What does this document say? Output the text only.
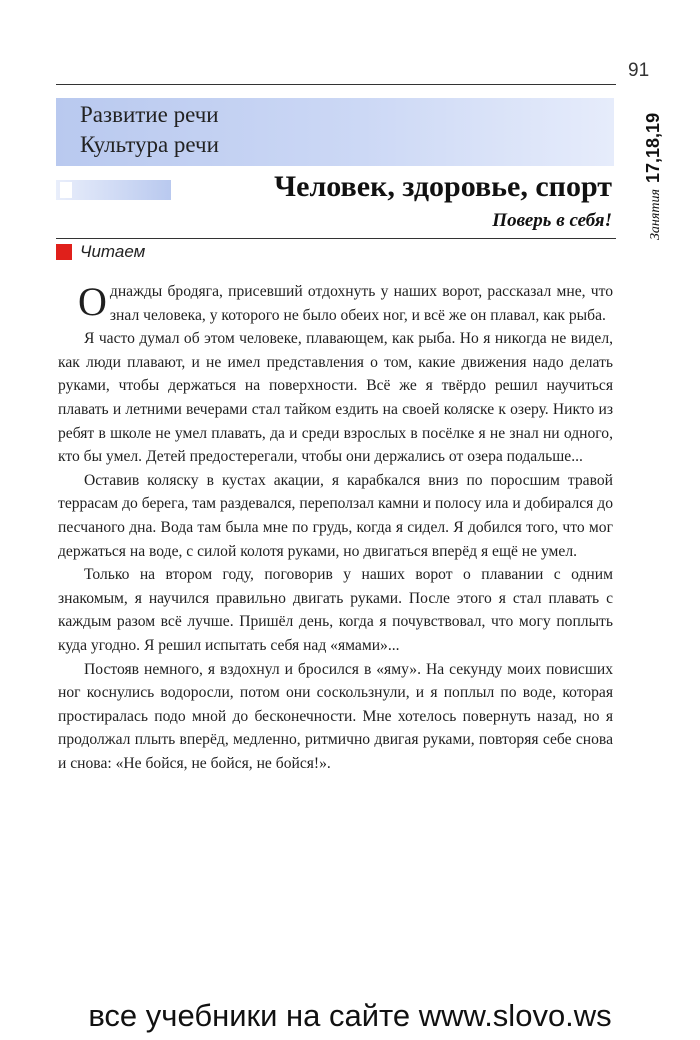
91
Развитие речи
Культура речи
Человек, здоровье, спорт
Поверь в себя!	Занятия17,18,19
Читаем

Однажды бродяга, присевший отдохнуть у наших ворот, рассказал мне, что знал человека, у которого не было обеих ног, и всё же он плавал, как рыба.

Я часто думал об этом человеке, плавающем, как рыба. Но я никогда не видел, как люди плавают, и не имел представления о том, какие движения надо делать руками, чтобы держаться на поверхности. Всё же я твёрдо решил научиться плавать и летними вечерами стал тайком ездить на своей коляске к озеру. Никто из ребят в школе не умел плавать, да и среди взрослых в посёлке я не знал ни одного, кто бы умел. Детей предостерегали, чтобы они держались от озера подальше...

Оставив коляску в кустах акации, я карабкался вниз по поросшим травой террасам до берега, там раздевался, переползал камни и полосу ила и добирался до песчаного дна. Вода там была мне по грудь, когда я сидел. Я добился того, что мог держаться на воде, с силой колотя руками, но двигаться вперёд я ещё не умел.

Только на втором году, поговорив у наших ворот о плавании с одним знакомым, я научился правильно двигать руками. После этого я стал плавать с каждым разом всё лучше. Пришёл день, когда я почувствовал, что могу поплыть куда угодно. Я решил испытать себя над «ямами»...

Постояв немного, я вздохнул и бросился в «яму». На секунду моих повисших ног коснулись водоросли, потом они соскользнули, и я поплыл по воде, которая простиралась подо мной до бесконечности. Мне хотелось повернуть назад, но я продолжал плыть вперёд, медленно, ритмично двигая руками, повторяя себе снова и снова: «Не бойся, не бойся, не бойся!».

все учебники на сайте www.slovo.ws
